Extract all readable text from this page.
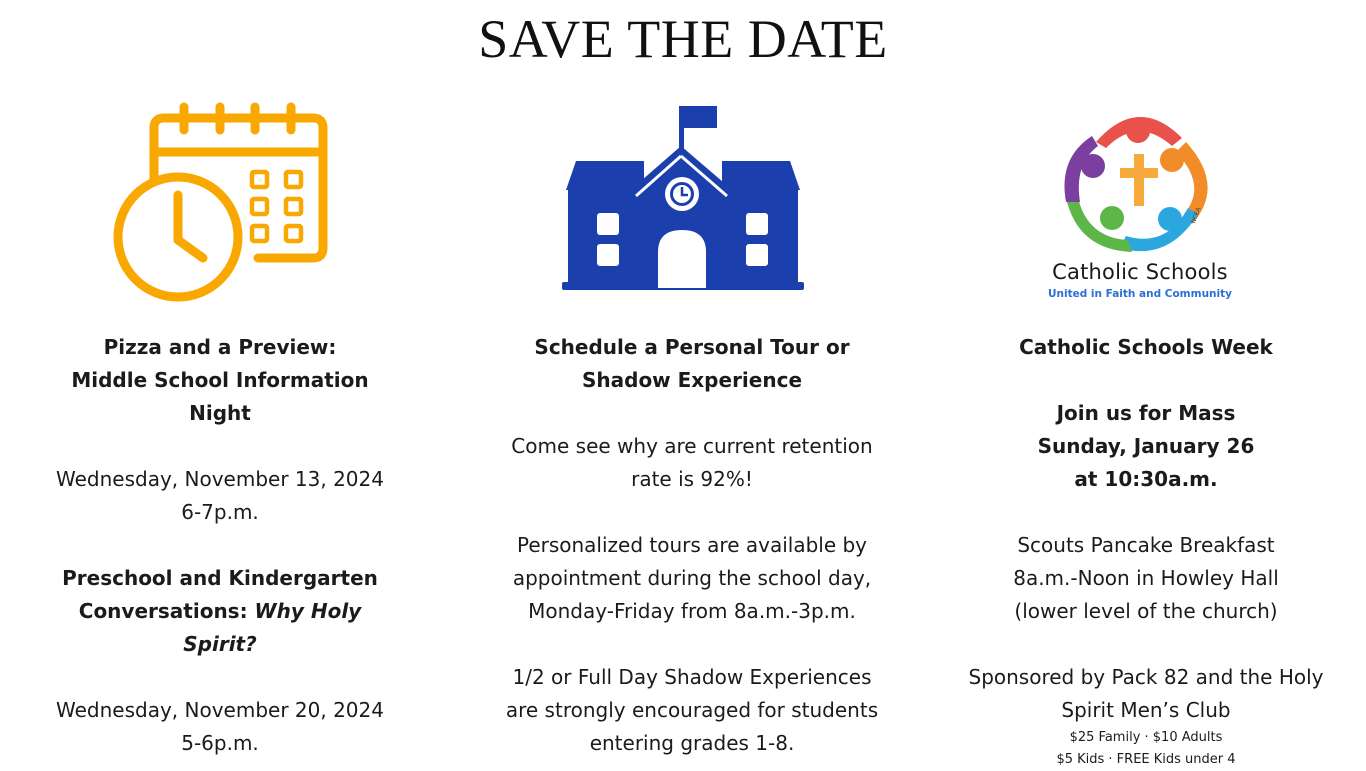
SAVE THE DATE
NCEA
Catholic Schools
United in Faith and Community
Pizza and a Preview:
Middle School Information Night
Wednesday, November 13, 2024
6-7p.m.
Preschool and Kindergarten
Conversations: Why Holy Spirit?
Wednesday, November 20, 2024
5-6p.m.
Schedule a Personal Tour or
Shadow Experience
Come see why are current retention
rate is 92%!
Personalized tours are available by
appointment during the school day,
Monday-Friday from 8a.m.-3p.m.
1/2 or Full Day Shadow Experiences
are strongly encouraged for students
entering grades 1-8.
Catholic Schools Week
Join us for Mass
Sunday, January 26
at 10:30a.m.
Scouts Pancake Breakfast
8a.m.-Noon in Howley Hall
(lower level of the church)
Sponsored by Pack 82 and the Holy
Spirit Men’s Club
$25 Family · $10 Adults
$5 Kids · FREE Kids under 4
